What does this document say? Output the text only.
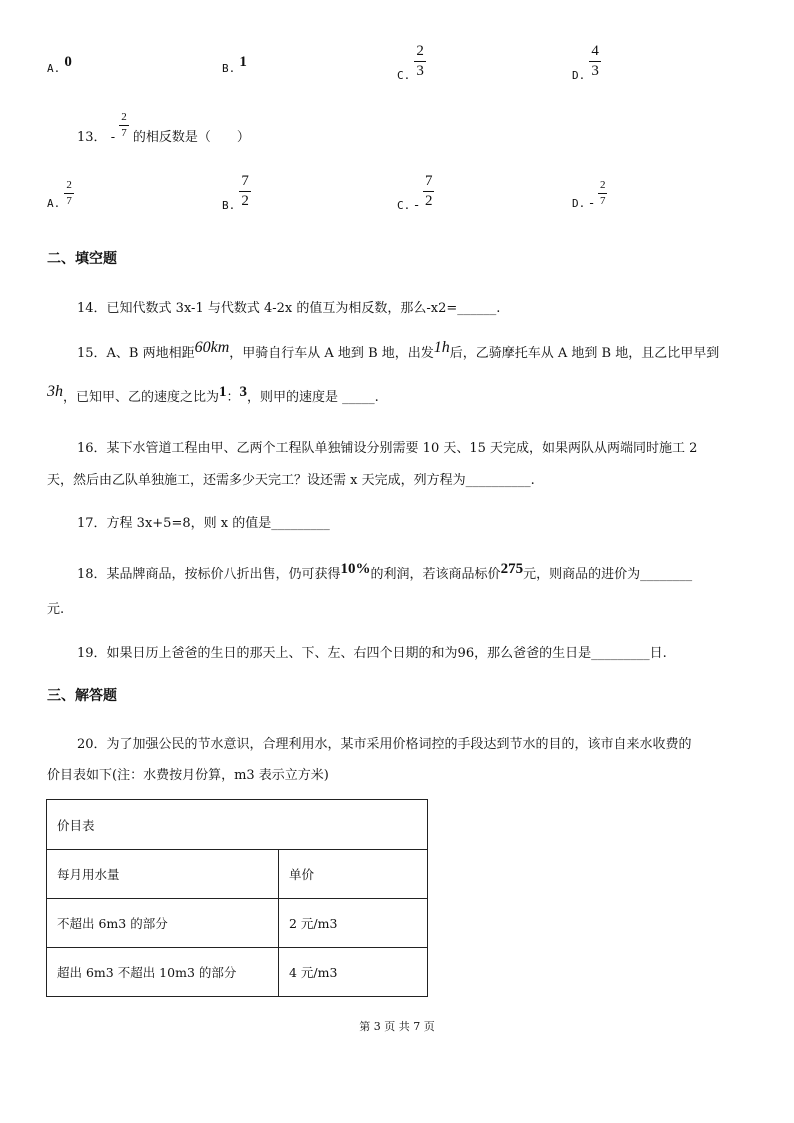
A. 0	B. 1
$_{C.} \frac{2}{3}$	$_{D.} \frac{4}{3}$
13． - $\frac{2}{7}$ 的相反数是（　　）
$_{A.} \frac{2}{7}$	$_{B.} \frac{7}{2}$	$_{C.} - \frac{7}{2}$	$_{D.} - \frac{2}{7}$
二、填空题
14．已知代数式 3x-1 与代数式 4-2x 的值互为相反数，那么-x2=______.
15．A、B 两地相距60km，甲骑自行车从 A 地到 B 地，出发1h后，乙骑摩托车从 A 地到 B 地，且乙比甲早到
3h，已知甲、乙的速度之比为1：3，则甲的速度是 _____.
16．某下水管道工程由甲、乙两个工程队单独铺设分别需要 10 天、15 天完成，如果两队从两端同时施工 2
天，然后由乙队单独施工，还需多少天完工？设还需 x 天完成，列方程为__________.
17．方程 3x+5=8，则 x 的值是_________
18．某品牌商品，按标价八折出售，仍可获得10%的利润，若该商品标价275元，则商品的进价为________
元.
19．如果日历上爸爸的生日的那天上、下、左、右四个日期的和为96，那么爸爸的生日是_________日.
三、解答题
20．为了加强公民的节水意识，合理利用水，某市采用价格词控的手段达到节水的目的，该市自来水收费的
价目表如下(注：水费按月份算，m3 表示立方米)
价目表	
每月用水量	单价
不超出 6m3 的部分	2 元/m3
超出 6m3 不超出 10m3 的部分	4 元/m3
第 3 页 共 7 页
